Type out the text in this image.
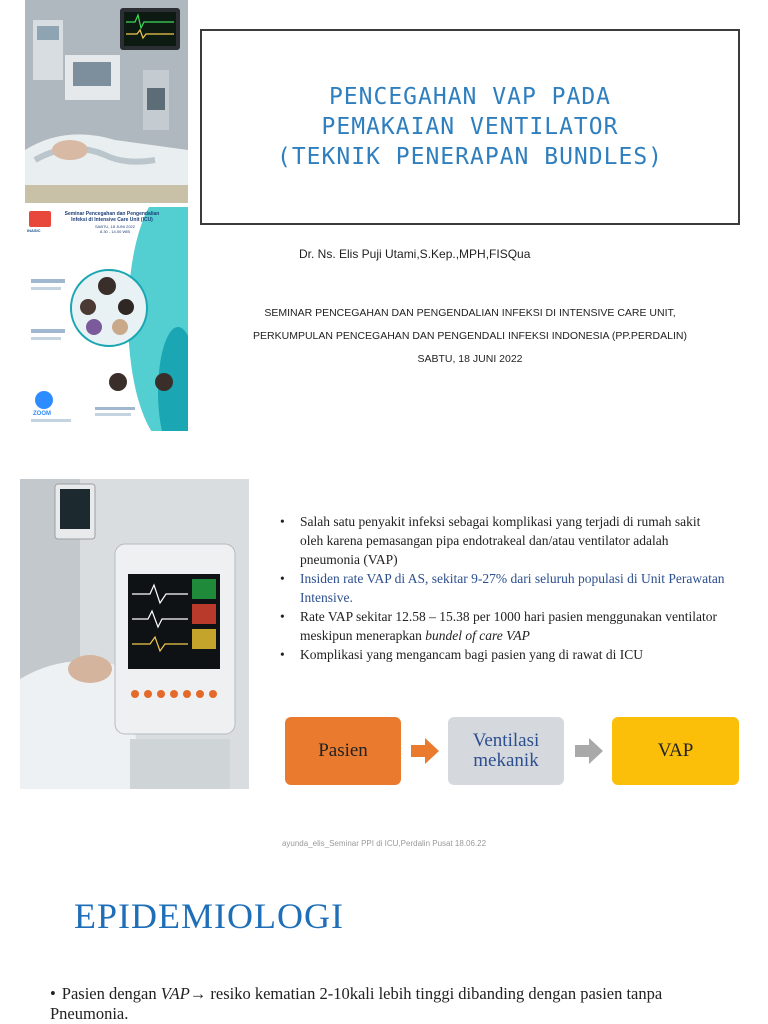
INASIC
Seminar Pencegahan dan Pengendalian Infeksi di Intensive Care Unit (ICU)
SABTU, 18 JUNI 2022
8.30 - 14.00 WIB
ZOOM
PENCEGAHAN VAP PADA
PEMAKAIAN VENTILATOR
(TEKNIK PENERAPAN BUNDLES)
Dr. Ns. Elis Puji Utami,S.Kep.,MPH,FISQua
SEMINAR PENCEGAHAN DAN PENGENDALIAN INFEKSI DI INTENSIVE CARE UNIT,
PERKUMPULAN PENCEGAHAN DAN PENGENDALI INFEKSI INDONESIA (PP.PERDALIN)
SABTU, 18 JUNI 2022
• Salah satu penyakit infeksi sebagai komplikasi yang terjadi di rumah sakit oleh karena pemasangan pipa endotrakeal dan/atau ventilator adalah pneumonia (VAP)
• Insiden rate VAP di AS, sekitar 9-27% dari seluruh populasi di Unit Perawatan Intensive.
• Rate VAP sekitar 12.58 – 15.38 per 1000 hari pasien menggunakan ventilator meskipun menerapkan bundel of care VAP
• Komplikasi yang mengancam bagi pasien yang di rawat di ICU
Pasien	Ventilasi mekanik	VAP
ayunda_elis_Seminar PPI di ICU,Perdalin Pusat 18.06.22
EPIDEMIOLOGI
• Pasien dengan VAP→ resiko kematian 2-10kali lebih tinggi dibanding dengan pasien tanpa Pneumonia.
